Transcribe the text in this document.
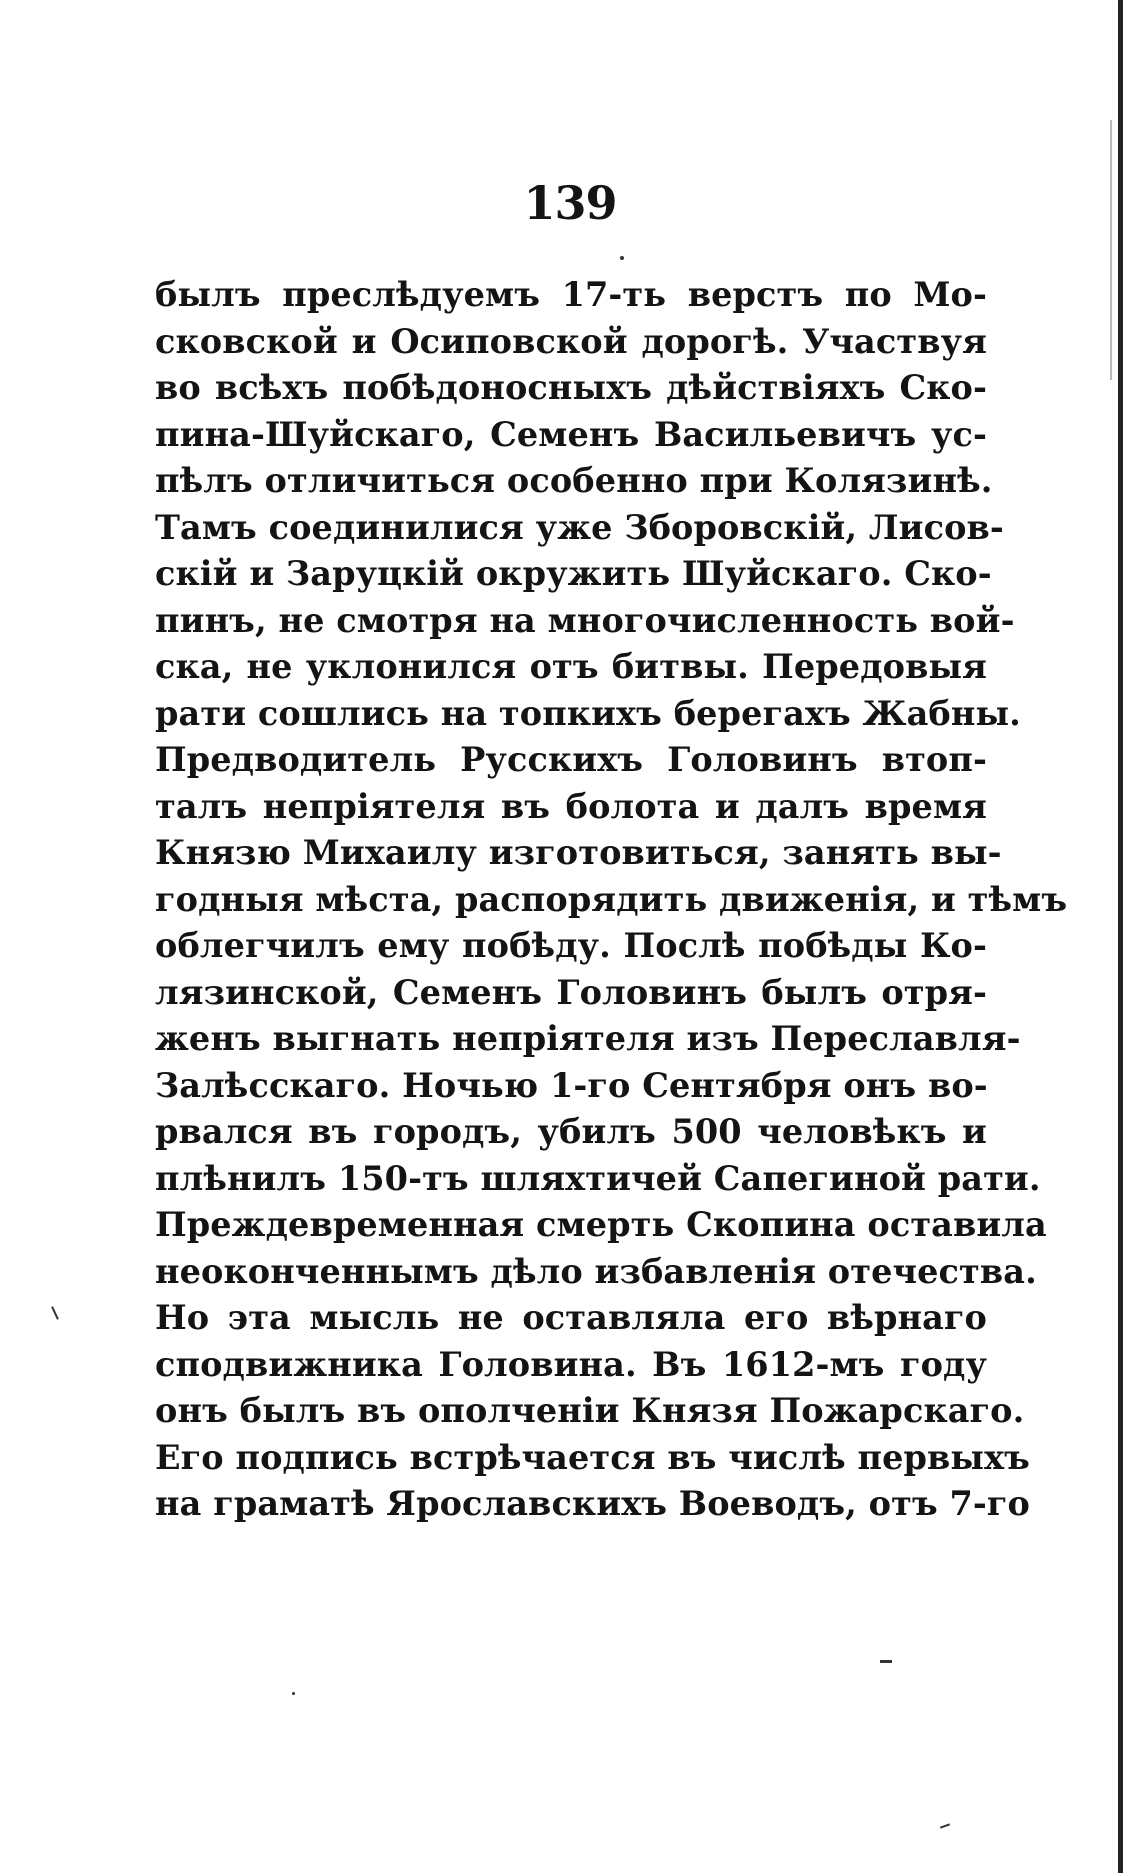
139
былъ преслѣдуемъ 17-ть верстъ по Мо-
сковской и Осиповской дорогѣ. Участвуя
во всѣхъ побѣдоносныхъ дѣйствіяхъ Ско-
пина-Шуйскаго, Семенъ Васильевичъ ус-
пѣлъ отличиться особенно при Колязинѣ.
Тамъ соединилися уже Зборовскій, Лисов-
скій и Заруцкій окружить Шуйскаго. Ско-
пинъ, не смотря на многочисленность вой-
ска, не уклонился отъ битвы. Передовыя
рати сошлись на топкихъ берегахъ Жабны.
Предводитель Русскихъ Головинъ втоп-
талъ непріятеля въ болота и далъ время
Князю Михаилу изготовиться, занять вы-
годныя мѣста, распорядить движенія, и тѣмъ
облегчилъ ему побѣду. Послѣ побѣды Ко-
лязинской, Семенъ Головинъ былъ отря-
женъ выгнать непріятеля изъ Переславля-
Залѣсскаго. Ночью 1-го Сентября онъ во-
рвался въ городъ, убилъ 500 человѣкъ и
плѣнилъ 150-тъ шляхтичей Сапегиной рати.
Преждевременная смерть Скопина оставила
неоконченнымъ дѣло избавленія отечества.
Но эта мысль не оставляла его вѣрнаго
сподвижника Головина. Въ 1612-мъ году
онъ былъ въ ополченіи Князя Пожарскаго.
Его подпись встрѣчается въ числѣ первыхъ
на граматѣ Ярославскихъ Воеводъ, отъ 7-го
